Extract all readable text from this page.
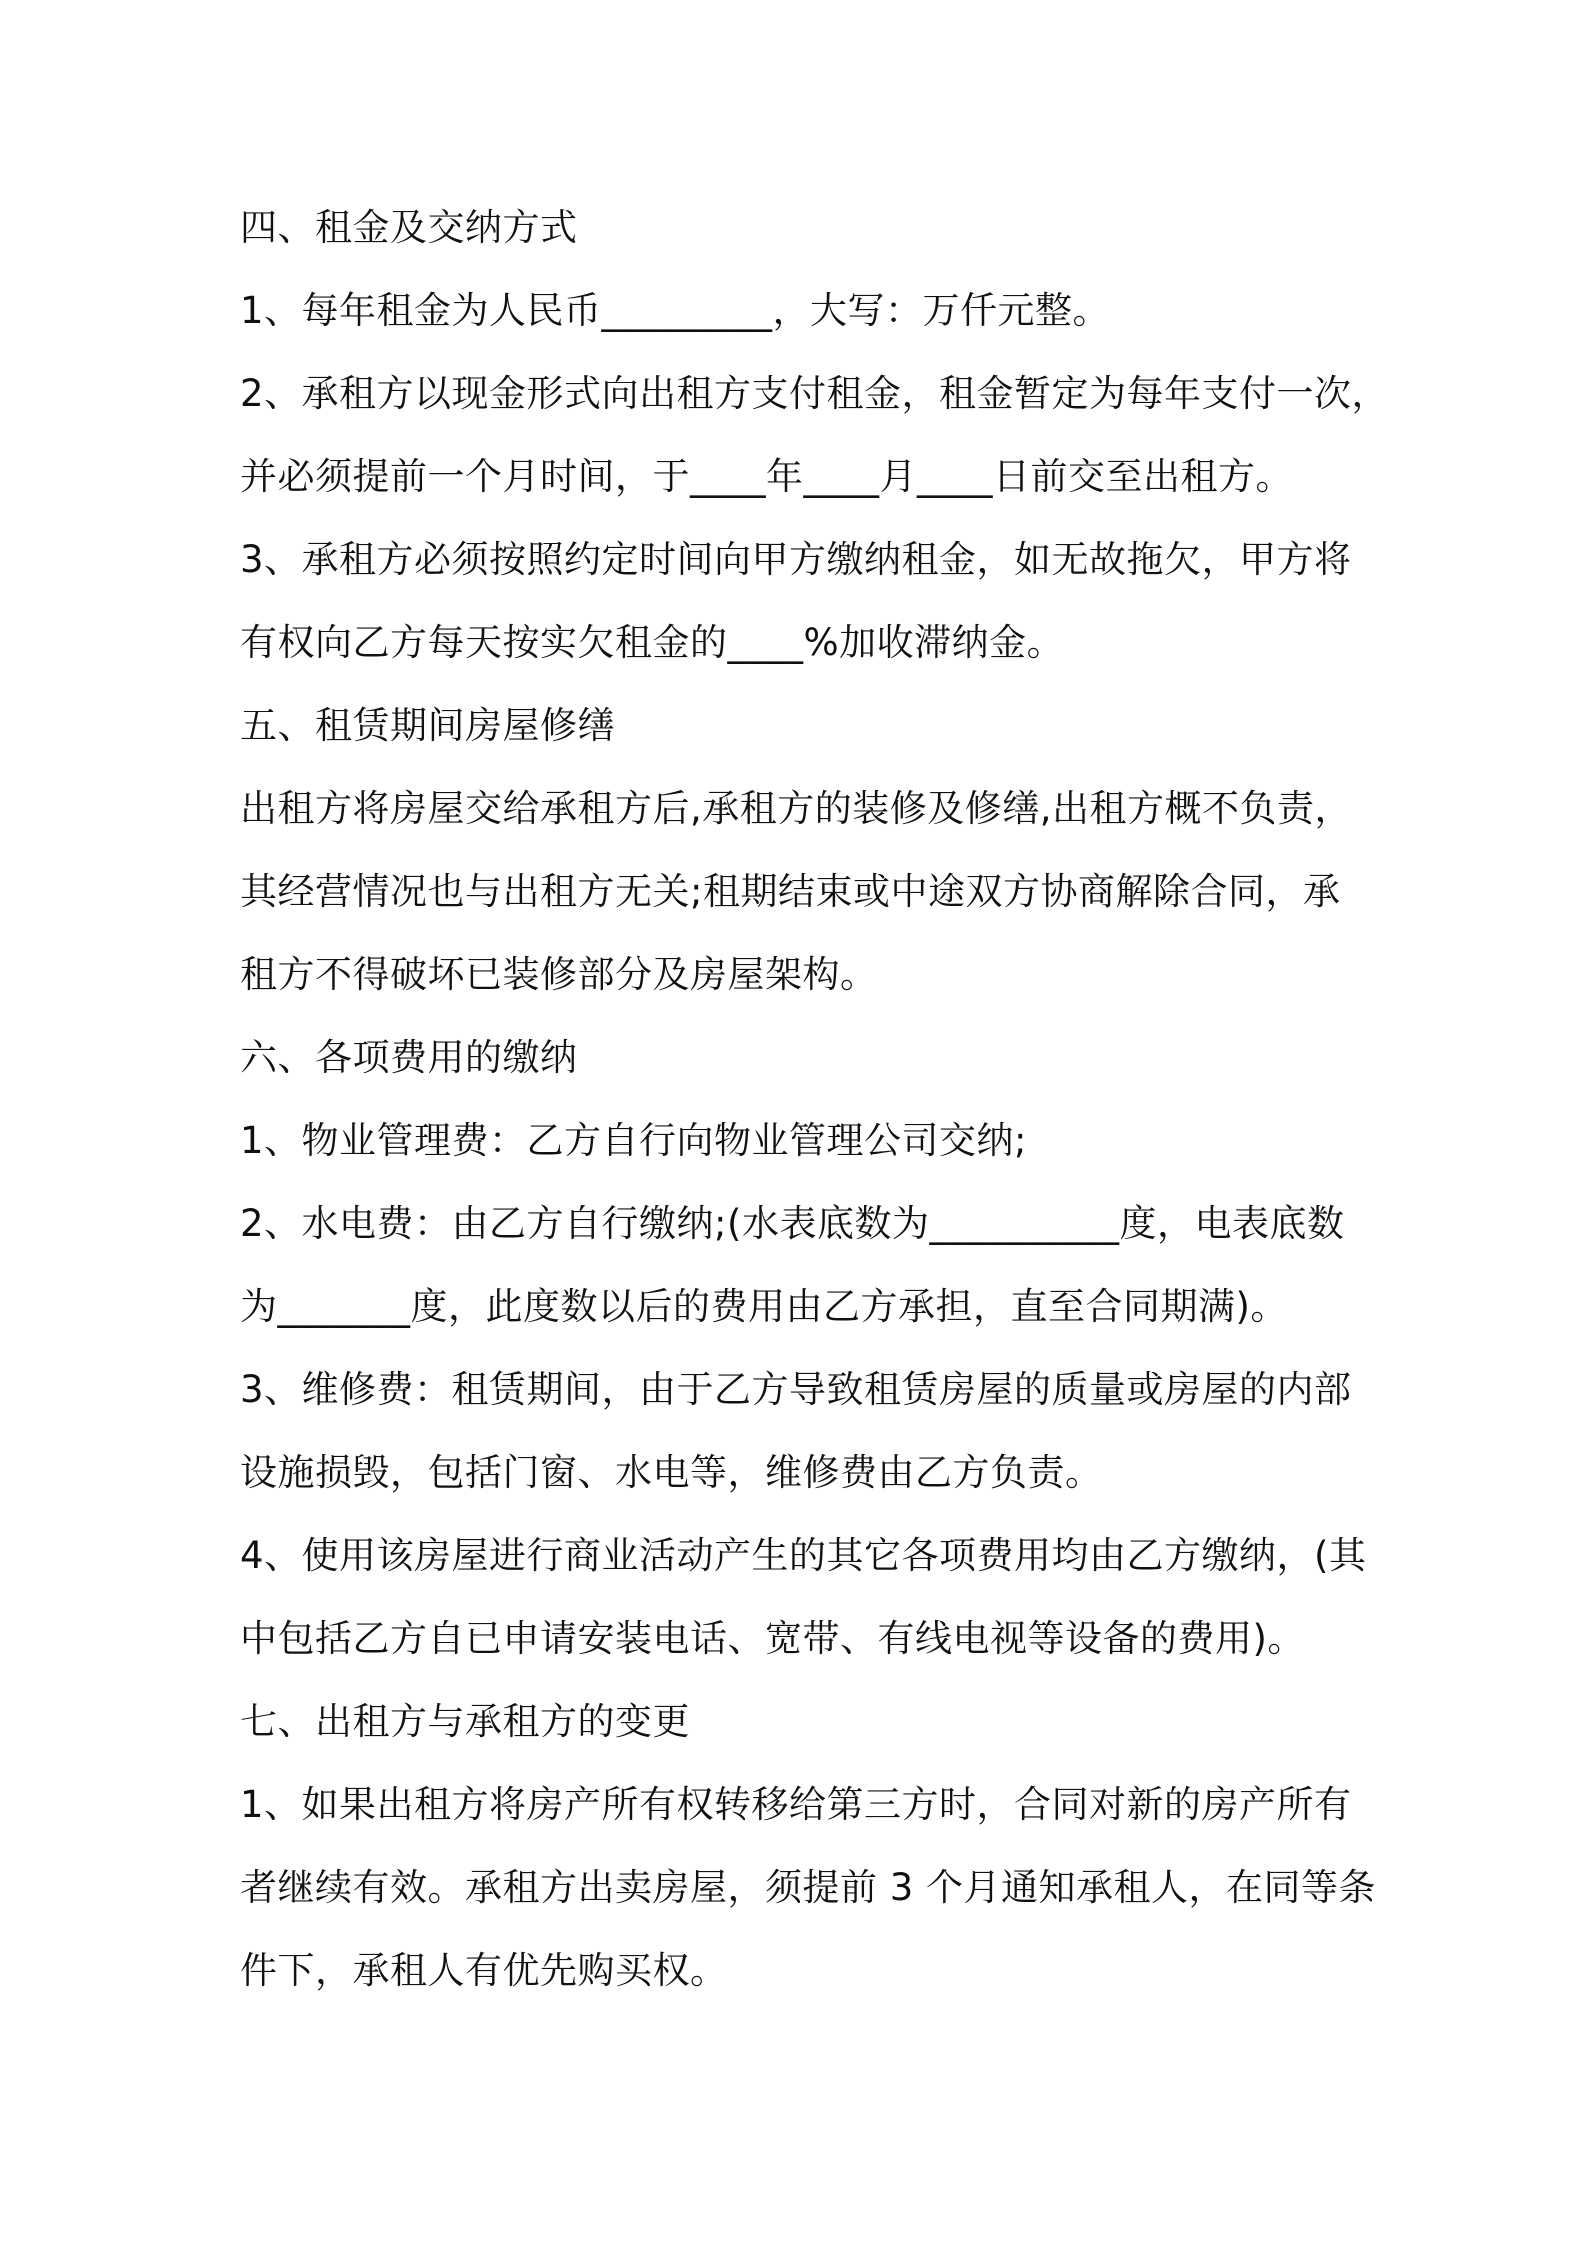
四、租金及交纳方式
1、每年租金为人民币_________，大写：万仟元整。
2、承租方以现金形式向出租方支付租金，租金暂定为每年支付一次，
并必须提前一个月时间，于____年____月____日前交至出租方。
3、承租方必须按照约定时间向甲方缴纳租金，如无故拖欠，甲方将
有权向乙方每天按实欠租金的____%加收滞纳金。
五、租赁期间房屋修缮
出租方将房屋交给承租方后,承租方的装修及修缮,出租方概不负责，
其经营情况也与出租方无关;租期结束或中途双方协商解除合同，承
租方不得破坏已装修部分及房屋架构。
六、各项费用的缴纳
1、物业管理费：乙方自行向物业管理公司交纳;
2、水电费：由乙方自行缴纳;(水表底数为__________度，电表底数
为_______度，此度数以后的费用由乙方承担，直至合同期满)。
3、维修费：租赁期间，由于乙方导致租赁房屋的质量或房屋的内部
设施损毁，包括门窗、水电等，维修费由乙方负责。
4、使用该房屋进行商业活动产生的其它各项费用均由乙方缴纳，(其
中包括乙方自已申请安装电话、宽带、有线电视等设备的费用)。
七、出租方与承租方的变更
1、如果出租方将房产所有权转移给第三方时，合同对新的房产所有
者继续有效。承租方出卖房屋，须提前 3 个月通知承租人，在同等条
件下，承租人有优先购买权。
